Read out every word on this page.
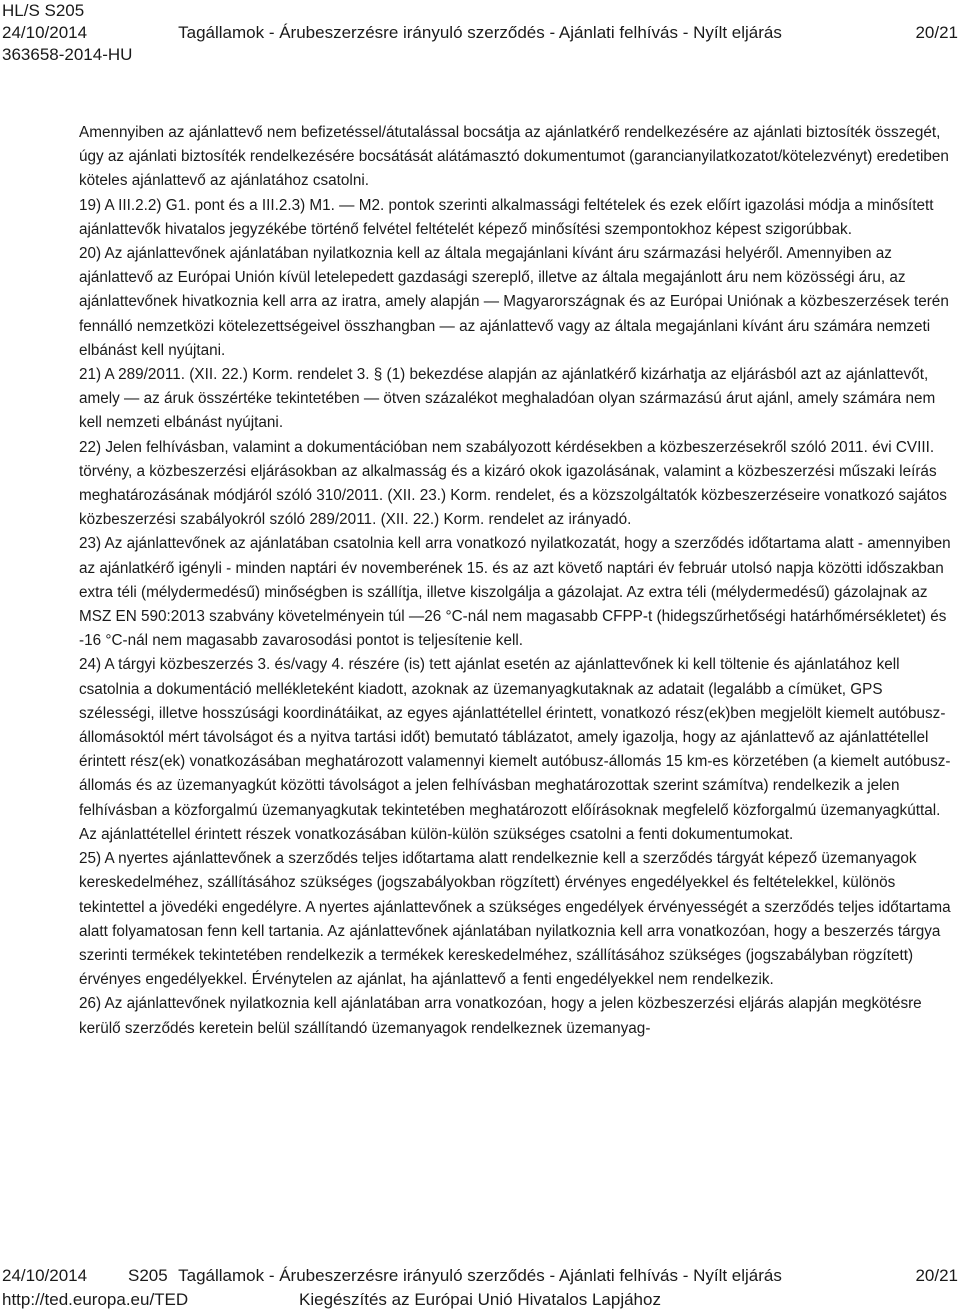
HL/S S205
24/10/2014	Tagállamok - Árubeszerzésre irányuló szerződés - Ajánlati felhívás - Nyílt eljárás	20/21
363658-2014-HU

Amennyiben az ajánlattevő nem befizetéssel/átutalással bocsátja az ajánlatkérő rendelkezésére az ajánlati biztosíték összegét, úgy az ajánlati biztosíték rendelkezésére bocsátását alátámasztó dokumentumot (garancianyilatkozatot/kötelezvényt) eredetiben köteles ajánlattevő az ajánlatához csatolni.

19) A III.2.2) G1. pont és a III.2.3) M1. — M2. pontok szerinti alkalmassági feltételek és ezek előírt igazolási módja a minősített ajánlattevők hivatalos jegyzékébe történő felvétel feltételét képező minősítési szempontokhoz képest szigorúbbak.

20) Az ajánlattevőnek ajánlatában nyilatkoznia kell az általa megajánlani kívánt áru származási helyéről. Amennyiben az ajánlattevő az Európai Unión kívül letelepedett gazdasági szereplő, illetve az általa megajánlott áru nem közösségi áru, az ajánlattevőnek hivatkoznia kell arra az iratra, amely alapján — Magyarországnak és az Európai Uniónak a közbeszerzések terén fennálló nemzetközi kötelezettségeivel összhangban — az ajánlattevő vagy az általa megajánlani kívánt áru számára nemzeti elbánást kell nyújtani.

21) A 289/2011. (XII. 22.) Korm. rendelet 3. § (1) bekezdése alapján az ajánlatkérő kizárhatja az eljárásból azt az ajánlattevőt, amely — az áruk összértéke tekintetében — ötven százalékot meghaladóan olyan származású árut ajánl, amely számára nem kell nemzeti elbánást nyújtani.

22) Jelen felhívásban, valamint a dokumentációban nem szabályozott kérdésekben a közbeszerzésekről szóló 2011. évi CVIII. törvény, a közbeszerzési eljárásokban az alkalmasság és a kizáró okok igazolásának, valamint a közbeszerzési műszaki leírás meghatározásának módjáról szóló 310/2011. (XII. 23.) Korm. rendelet, és a közszolgáltatók közbeszerzéseire vonatkozó sajátos közbeszerzési szabályokról szóló 289/2011. (XII. 22.) Korm. rendelet az irányadó.

23) Az ajánlattevőnek az ajánlatában csatolnia kell arra vonatkozó nyilatkozatát, hogy a szerződés időtartama alatt - amennyiben az ajánlatkérő igényli - minden naptári év novemberének 15. és az azt követő naptári év február utolsó napja közötti időszakban extra téli (mélydermedésű) minőségben is szállítja, illetve kiszolgálja a gázolajat. Az extra téli (mélydermedésű) gázolajnak az MSZ EN 590:2013 szabvány követelményein túl —26 °C-nál nem magasabb CFPP-t (hidegszűrhetőségi határhőmérsékletet) és -16 °C-nál nem magasabb zavarosodási pontot is teljesítenie kell.

24) A tárgyi közbeszerzés 3. és/vagy 4. részére (is) tett ajánlat esetén az ajánlattevőnek ki kell töltenie és ajánlatához kell csatolnia a dokumentáció mellékleteként kiadott, azoknak az üzemanyagkutaknak az adatait (legalább a címüket, GPS szélességi, illetve hosszúsági koordinátáikat, az egyes ajánlattétellel érintett, vonatkozó rész(ek)ben megjelölt kiemelt autóbusz-állomásoktól mért távolságot és a nyitva tartási időt) bemutató táblázatot, amely igazolja, hogy az ajánlattevő az ajánlattétellel érintett rész(ek) vonatkozásában meghatározott valamennyi kiemelt autóbusz-állomás 15 km-es körzetében (a kiemelt autóbusz-állomás és az üzemanyagkút közötti távolságot a jelen felhívásban meghatározottak szerint számítva) rendelkezik a jelen felhívásban a közforgalmú üzemanyagkutak tekintetében meghatározott előírásoknak megfelelő közforgalmú üzemanyagkúttal. Az ajánlattétellel érintett részek vonatkozásában külön-külön szükséges csatolni a fenti dokumentumokat.

25) A nyertes ajánlattevőnek a szerződés teljes időtartama alatt rendelkeznie kell a szerződés tárgyát képező üzemanyagok kereskedelméhez, szállításához szükséges (jogszabályokban rögzített) érvényes engedélyekkel és feltételekkel, különös tekintettel a jövedéki engedélyre. A nyertes ajánlattevőnek a szükséges engedélyek érvényességét a szerződés teljes időtartama alatt folyamatosan fenn kell tartania. Az ajánlattevőnek ajánlatában nyilatkoznia kell arra vonatkozóan, hogy a beszerzés tárgya szerinti termékek tekintetében rendelkezik a termékek kereskedelméhez, szállításához szükséges (jogszabályban rögzített) érvényes engedélyekkel. Érvénytelen az ajánlat, ha ajánlattevő a fenti engedélyekkel nem rendelkezik.

26) Az ajánlattevőnek nyilatkoznia kell ajánlatában arra vonatkozóan, hogy a jelen közbeszerzési eljárás alapján megkötésre kerülő szerződés keretein belül szállítandó üzemanyagok rendelkeznek üzemanyag-

24/10/2014 S205 Tagállamok - Árubeszerzésre irányuló szerződés - Ajánlati felhívás - Nyílt eljárás	20/21
http://ted.europa.eu/TED	Kiegészítés az Európai Unió Hivatalos Lapjához
